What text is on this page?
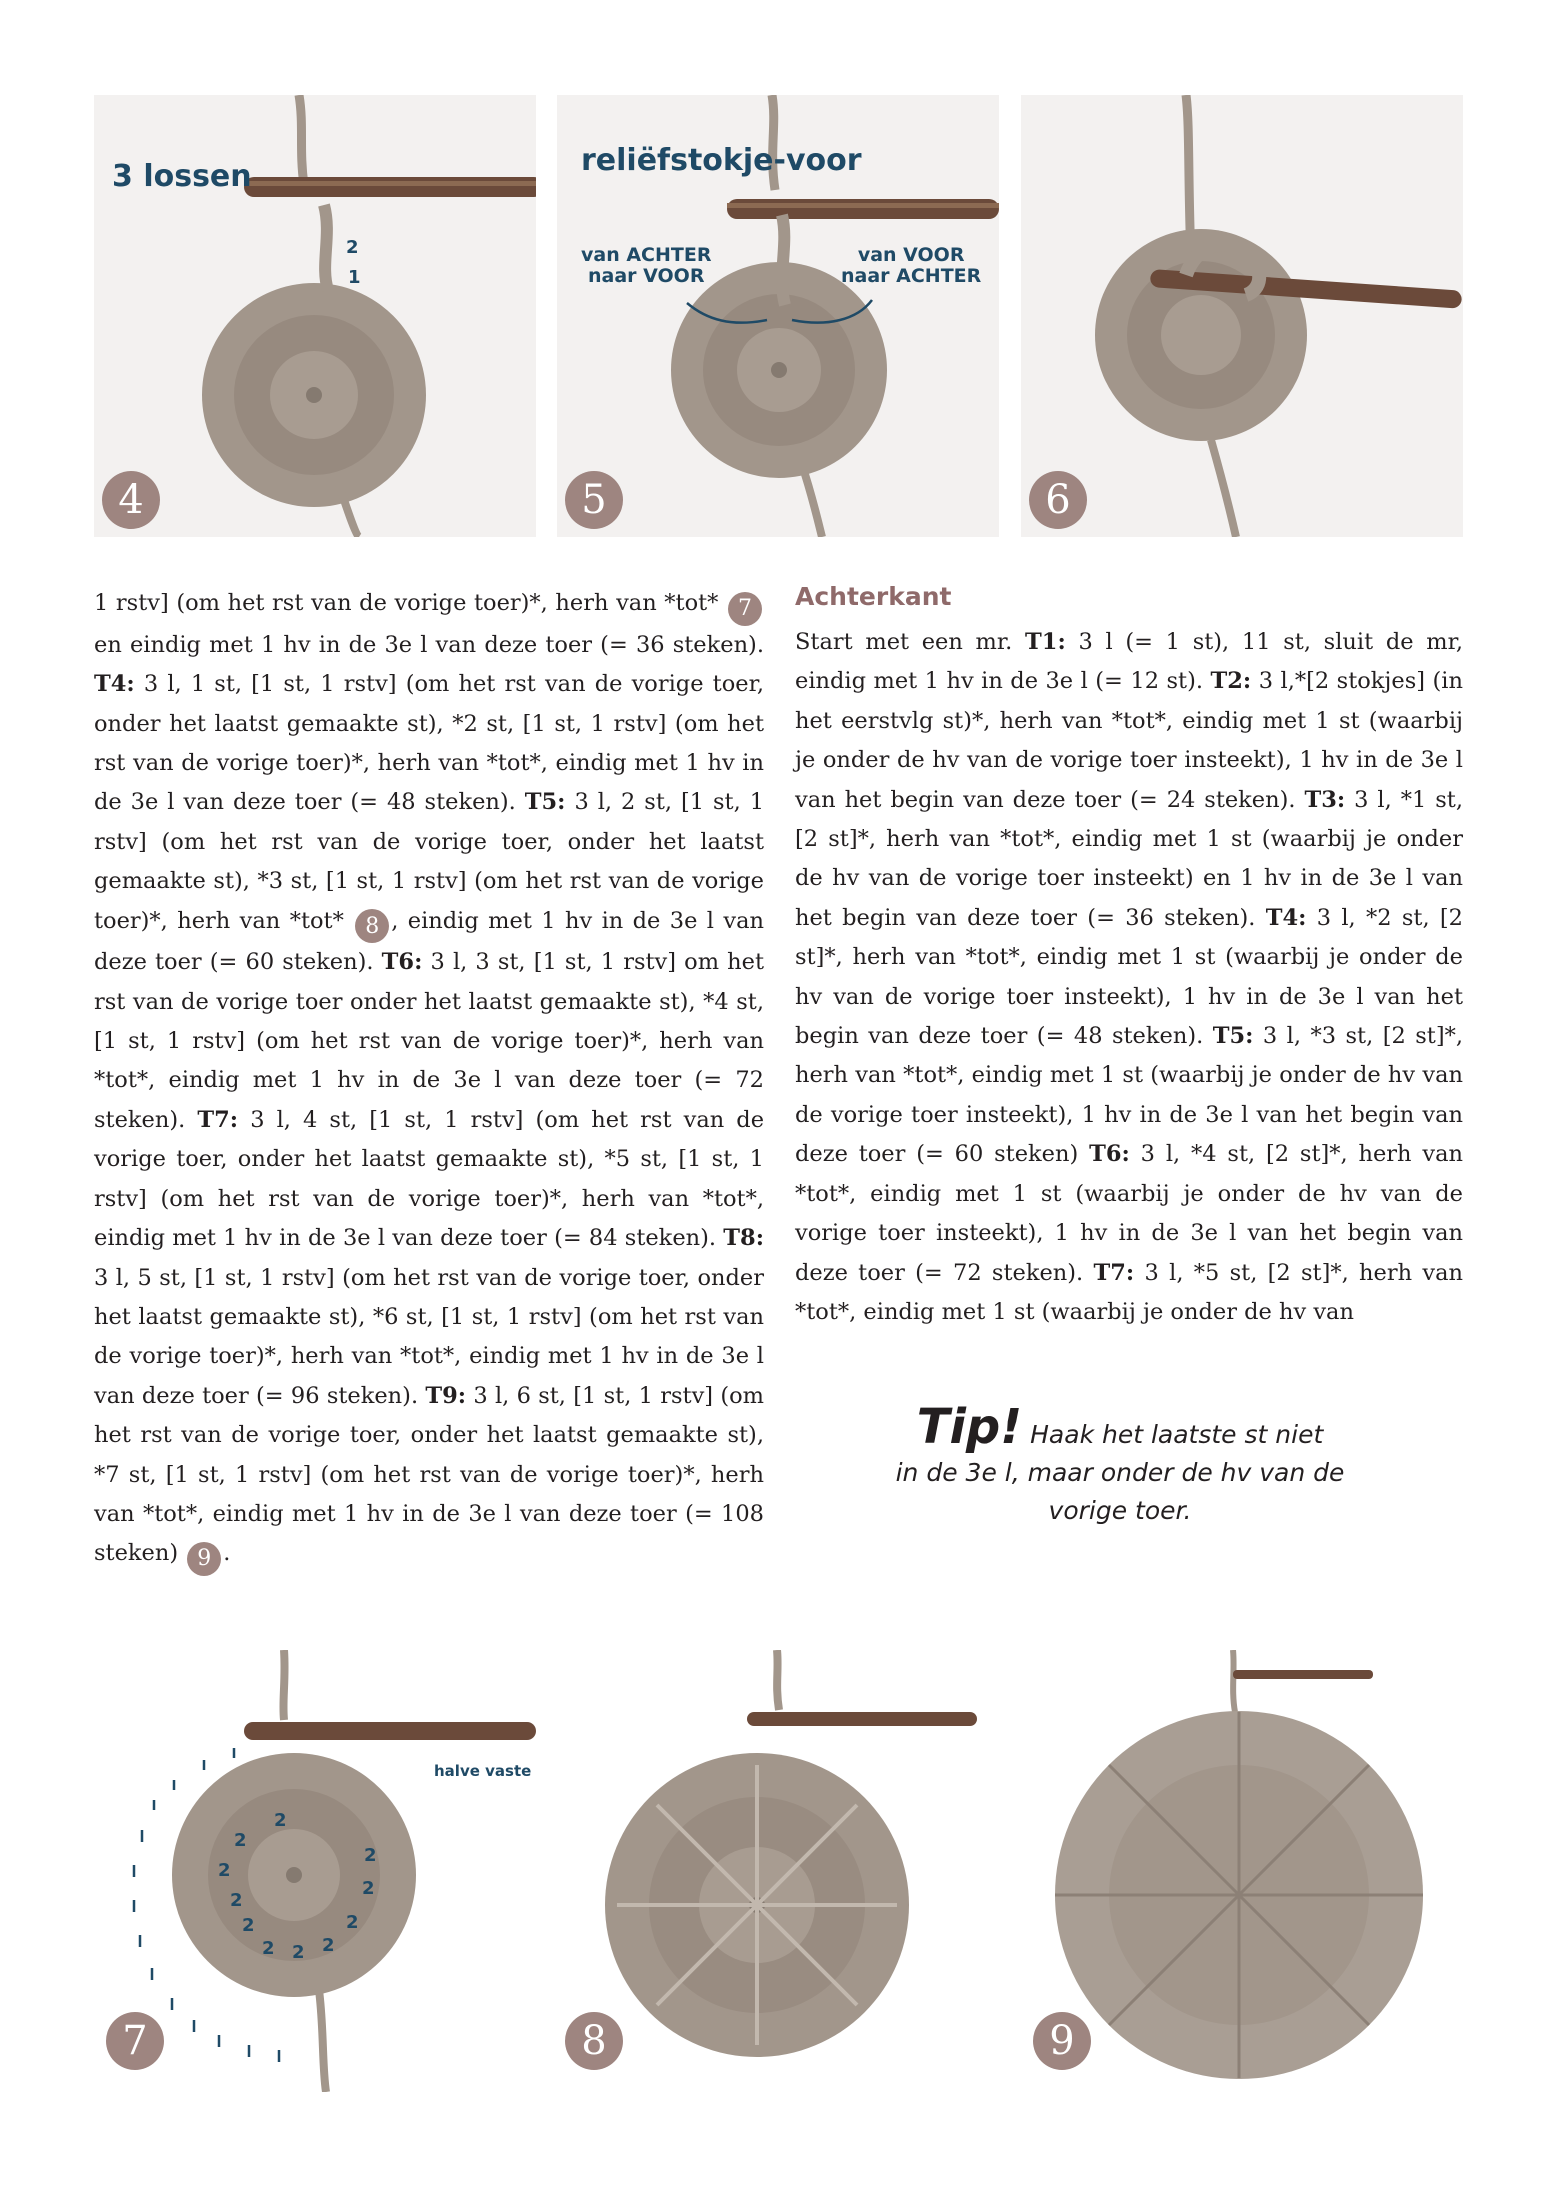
3 lossen
2
1
4
reliëfstokje-voor
van ACHTER
naar VOOR
van VOOR
naar ACHTER
5	6

1 rstv] (om het rst van de vorige toer)*, herh van *tot* 7 en eindig met 1 hv in de 3e l van deze toer (= 36 steken). T4: 3 l, 1 st, [1 st, 1 rstv] (om het rst van de vorige toer, onder het laatst gemaakte st), *2 st, [1 st, 1 rstv] (om het rst van de vorige toer)*, herh van *tot*, eindig met 1 hv in de 3e l van deze toer (= 48 steken). T5: 3 l, 2 st, [1 st, 1 rstv] (om het rst van de vorige toer, onder het laatst gemaakte st), *3 st, [1 st, 1 rstv] (om het rst van de vorige toer)*, herh van *tot* 8 , eindig met 1 hv in de 3e l van deze toer (= 60 steken). T6: 3 l, 3 st, [1 st, 1 rstv] om het rst van de vorige toer onder het laatst gemaakte st), *4 st, [1 st, 1 rstv] (om het rst van de vorige toer)*, herh van *tot*, eindig met 1 hv in de 3e l van deze toer (= 72 steken). T7: 3 l, 4 st, [1 st, 1 rstv] (om het rst van de vorige toer, onder het laatst gemaakte st), *5 st, [1 st, 1 rstv] (om het rst van de vorige toer)*, herh van *tot*, eindig met 1 hv in de 3e l van deze toer (= 84 steken). T8: 3 l, 5 st, [1 st, 1 rstv] (om het rst van de vorige toer, onder het laatst gemaakte st), *6 st, [1 st, 1 rstv] (om het rst van de vorige toer)*, herh van *tot*, eindig met 1 hv in de 3e l van deze toer (= 96 steken). T9: 3 l, 6 st, [1 st, 1 rstv] (om het rst van de vorige toer, onder het laatst gemaakte st), *7 st, [1 st, 1 rstv] (om het rst van de vorige toer)*, herh van *tot*, eindig met 1 hv in de 3e l van deze toer (= 108 steken) 9 .

Achterkant

Start met een mr. T1: 3 l (= 1 st), 11 st, sluit de mr, eindig met 1 hv in de 3e l (= 12 st). T2: 3 l,*[2 stokjes] (in het eerstvlg st)*, herh van *tot*, eindig met 1 st (waarbij je onder de hv van de vorige toer insteekt), 1 hv in de 3e l van het begin van deze toer (= 24 steken). T3: 3 l, *1 st, [2 st]*, herh van *tot*, eindig met 1 st (waarbij je onder de hv van de vorige toer insteekt) en 1 hv in de 3e l van het begin van deze toer (= 36 steken). T4: 3 l, *2 st, [2 st]*, herh van *tot*, eindig met 1 st (waarbij je onder de hv van de vorige toer insteekt), 1 hv in de 3e l van het begin van deze toer (= 48 steken). T5: 3 l, *3 st, [2 st]*, herh van *tot*, eindig met 1 st (waarbij je onder de hv van de vorige toer insteekt), 1 hv in de 3e l van het begin van deze toer (= 60 steken) T6: 3 l, *4 st, [2 st]*, herh van *tot*, eindig met 1 st (waarbij je onder de hv van de vorige toer insteekt), 1 hv in de 3e l van het begin van deze toer (= 72 steken). T7: 3 l, *5 st, [2 st]*, herh van *tot*, eindig met 1 st (waarbij je onder de hv van

Tip! Haak het laatste st niet
in de 3e l, maar onder de hv van de
vorige toer.
halve vaste
2
2
2
2
2
2 2 2
2
2
2
7	8	9
